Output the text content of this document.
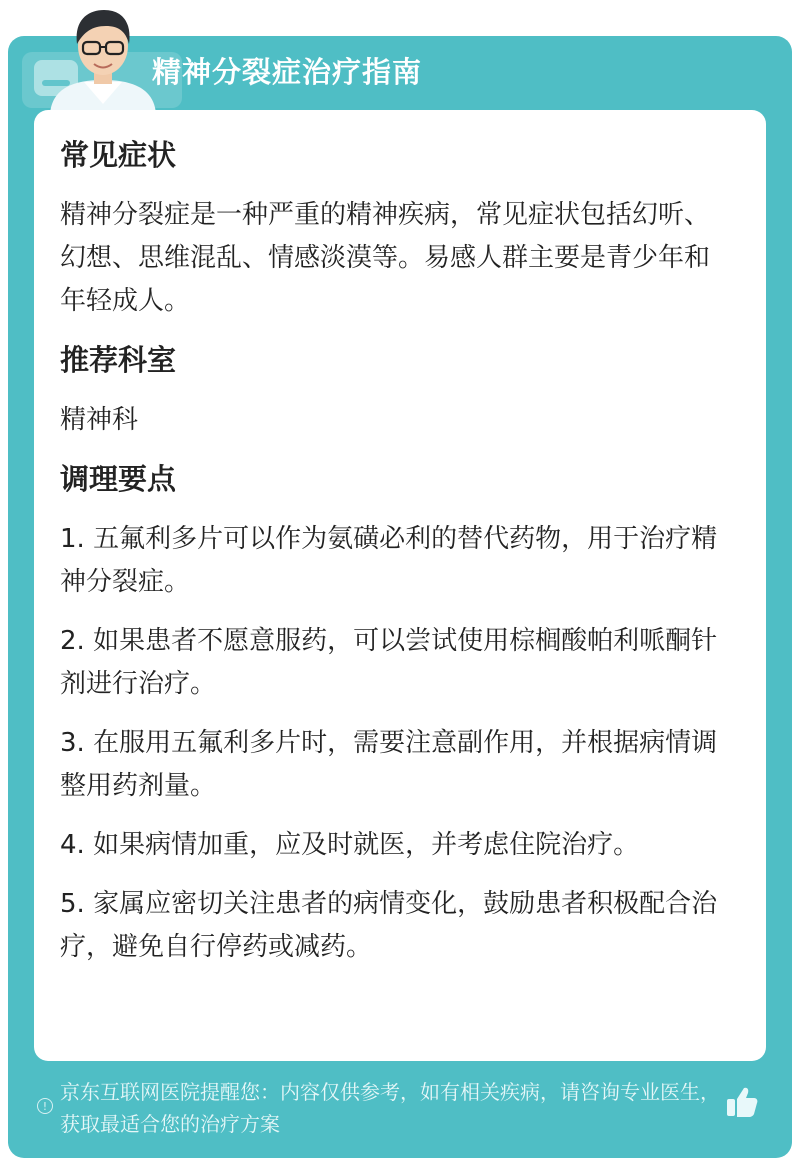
精神分裂症治疗指南
常见症状
精神分裂症是一种严重的精神疾病，常见症状包括幻听、幻想、思维混乱、情感淡漠等。易感人群主要是青少年和年轻成人。
推荐科室
精神科
调理要点
1. 五氟利多片可以作为氨磺必利的替代药物，用于治疗精神分裂症。
2. 如果患者不愿意服药，可以尝试使用棕榈酸帕利哌酮针剂进行治疗。
3. 在服用五氟利多片时，需要注意副作用，并根据病情调整用药剂量。
4. 如果病情加重，应及时就医，并考虑住院治疗。
5. 家属应密切关注患者的病情变化，鼓励患者积极配合治疗，避免自行停药或减药。
!
京东互联网医院提醒您：内容仅供参考，如有相关疾病，请咨询专业医生，获取最适合您的治疗方案
